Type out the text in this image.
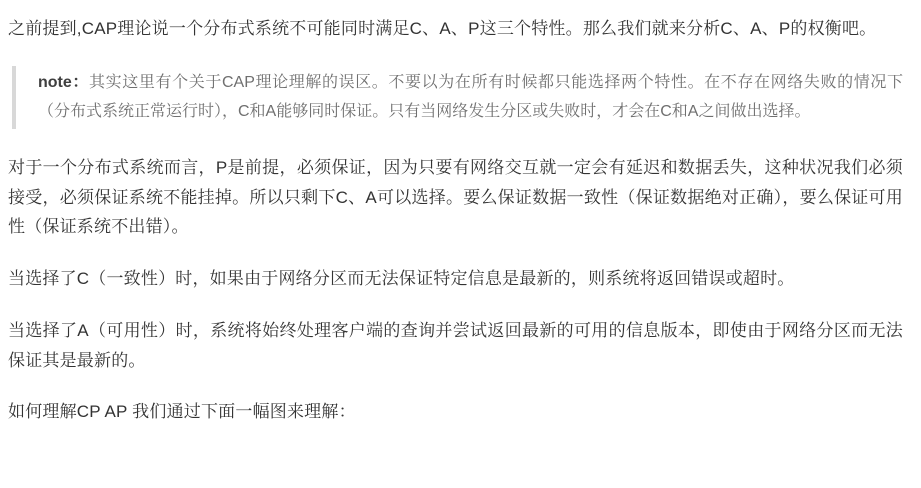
之前提到,CAP理论说一个分布式系统不可能同时满足C、A、P这三个特性。那么我们就来分析C、A、P的权衡吧。

note：其实这里有个关于CAP理论理解的误区。不要以为在所有时候都只能选择两个特性。在不存在网络失败的情况下（分布式系统正常运行时），C和A能够同时保证。只有当网络发生分区或失败时，才会在C和A之间做出选择。

对于一个分布式系统而言，P是前提，必须保证，因为只要有网络交互就一定会有延迟和数据丢失，这种状况我们必须接受，必须保证系统不能挂掉。所以只剩下C、A可以选择。要么保证数据一致性（保证数据绝对正确），要么保证可用性（保证系统不出错）。

当选择了C（一致性）时，如果由于网络分区而无法保证特定信息是最新的，则系统将返回错误或超时。

当选择了A（可用性）时，系统将始终处理客户端的查询并尝试返回最新的可用的信息版本，即使由于网络分区而无法保证其是最新的。

如何理解CP AP 我们通过下面一幅图来理解：
